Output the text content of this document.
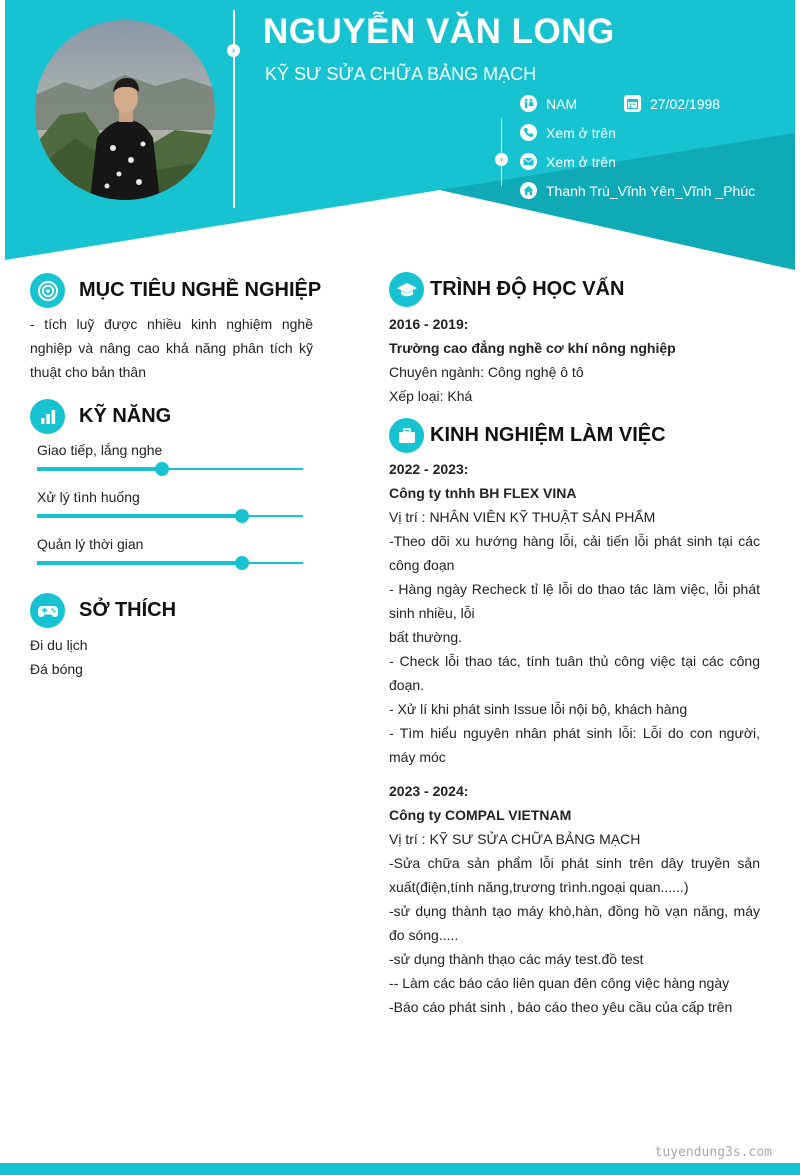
› NGUYỄN VĂN LONG
KỸ SƯ SỬA CHỮA BẢNG MẠCH
›
NAM	27/02/1998
Xem ở trên
Xem ở trên
Thanh Trù_Vĩnh Yên_Vĩnh _Phúc
MỤC TIÊU NGHỀ NGHIỆP
- tích luỹ được nhiều kinh nghiệm nghề nghiệp và nâng cao khả năng phân tích kỹ thuật cho bản thân
KỸ NĂNG
Giao tiếp, lắng nghe
Xử lý tình huống
Quản lý thời gian
SỞ THÍCH
Đi du lịch
Đá bóng
TRÌNH ĐỘ HỌC VẤN
2016 - 2019:
Trường cao đẳng nghề cơ khí nông nghiệp
Chuyên ngành: Công nghệ ô tô
Xếp loại: Khá
KINH NGHIỆM LÀM VIỆC
2022 - 2023:
Công ty tnhh BH FLEX VINA
Vị trí : NHÂN VIÊN KỸ THUẬT SẢN PHẨM
-Theo dõi xu hướng hàng lỗi, cải tiến lỗi phát sinh tại các công đoạn
- Hàng ngày Recheck tỉ lệ lỗi do thao tác làm việc, lỗi phát sinh nhiều, lỗi
bất thường.
- Check lỗi thao tác, tính tuân thủ công việc tại các công đoạn.
- Xử lí khi phát sinh Issue lỗi nội bộ, khách hàng
- Tìm hiểu nguyên nhân phát sinh lỗi: Lỗi do con người, máy móc
2023 - 2024:
Công ty COMPAL VIETNAM
Vị trí : KỸ SƯ SỬA CHỮA BẢNG MẠCH
-Sửa chữa sản phẩm lỗi phát sinh trên dây truyền sản xuất(điện,tính năng,trương trình.ngoại quan......)
-sử dụng thành tạo máy khò,hàn, đồng hồ vạn năng, máy đo sóng.....
-sử dụng thành thạo các máy test.đồ test
-- Làm các báo cáo liên quan đên công việc hàng ngày
-Báo cáo phát sinh , báo cáo theo yêu cầu của cấp trên
tuyendung3s.com
